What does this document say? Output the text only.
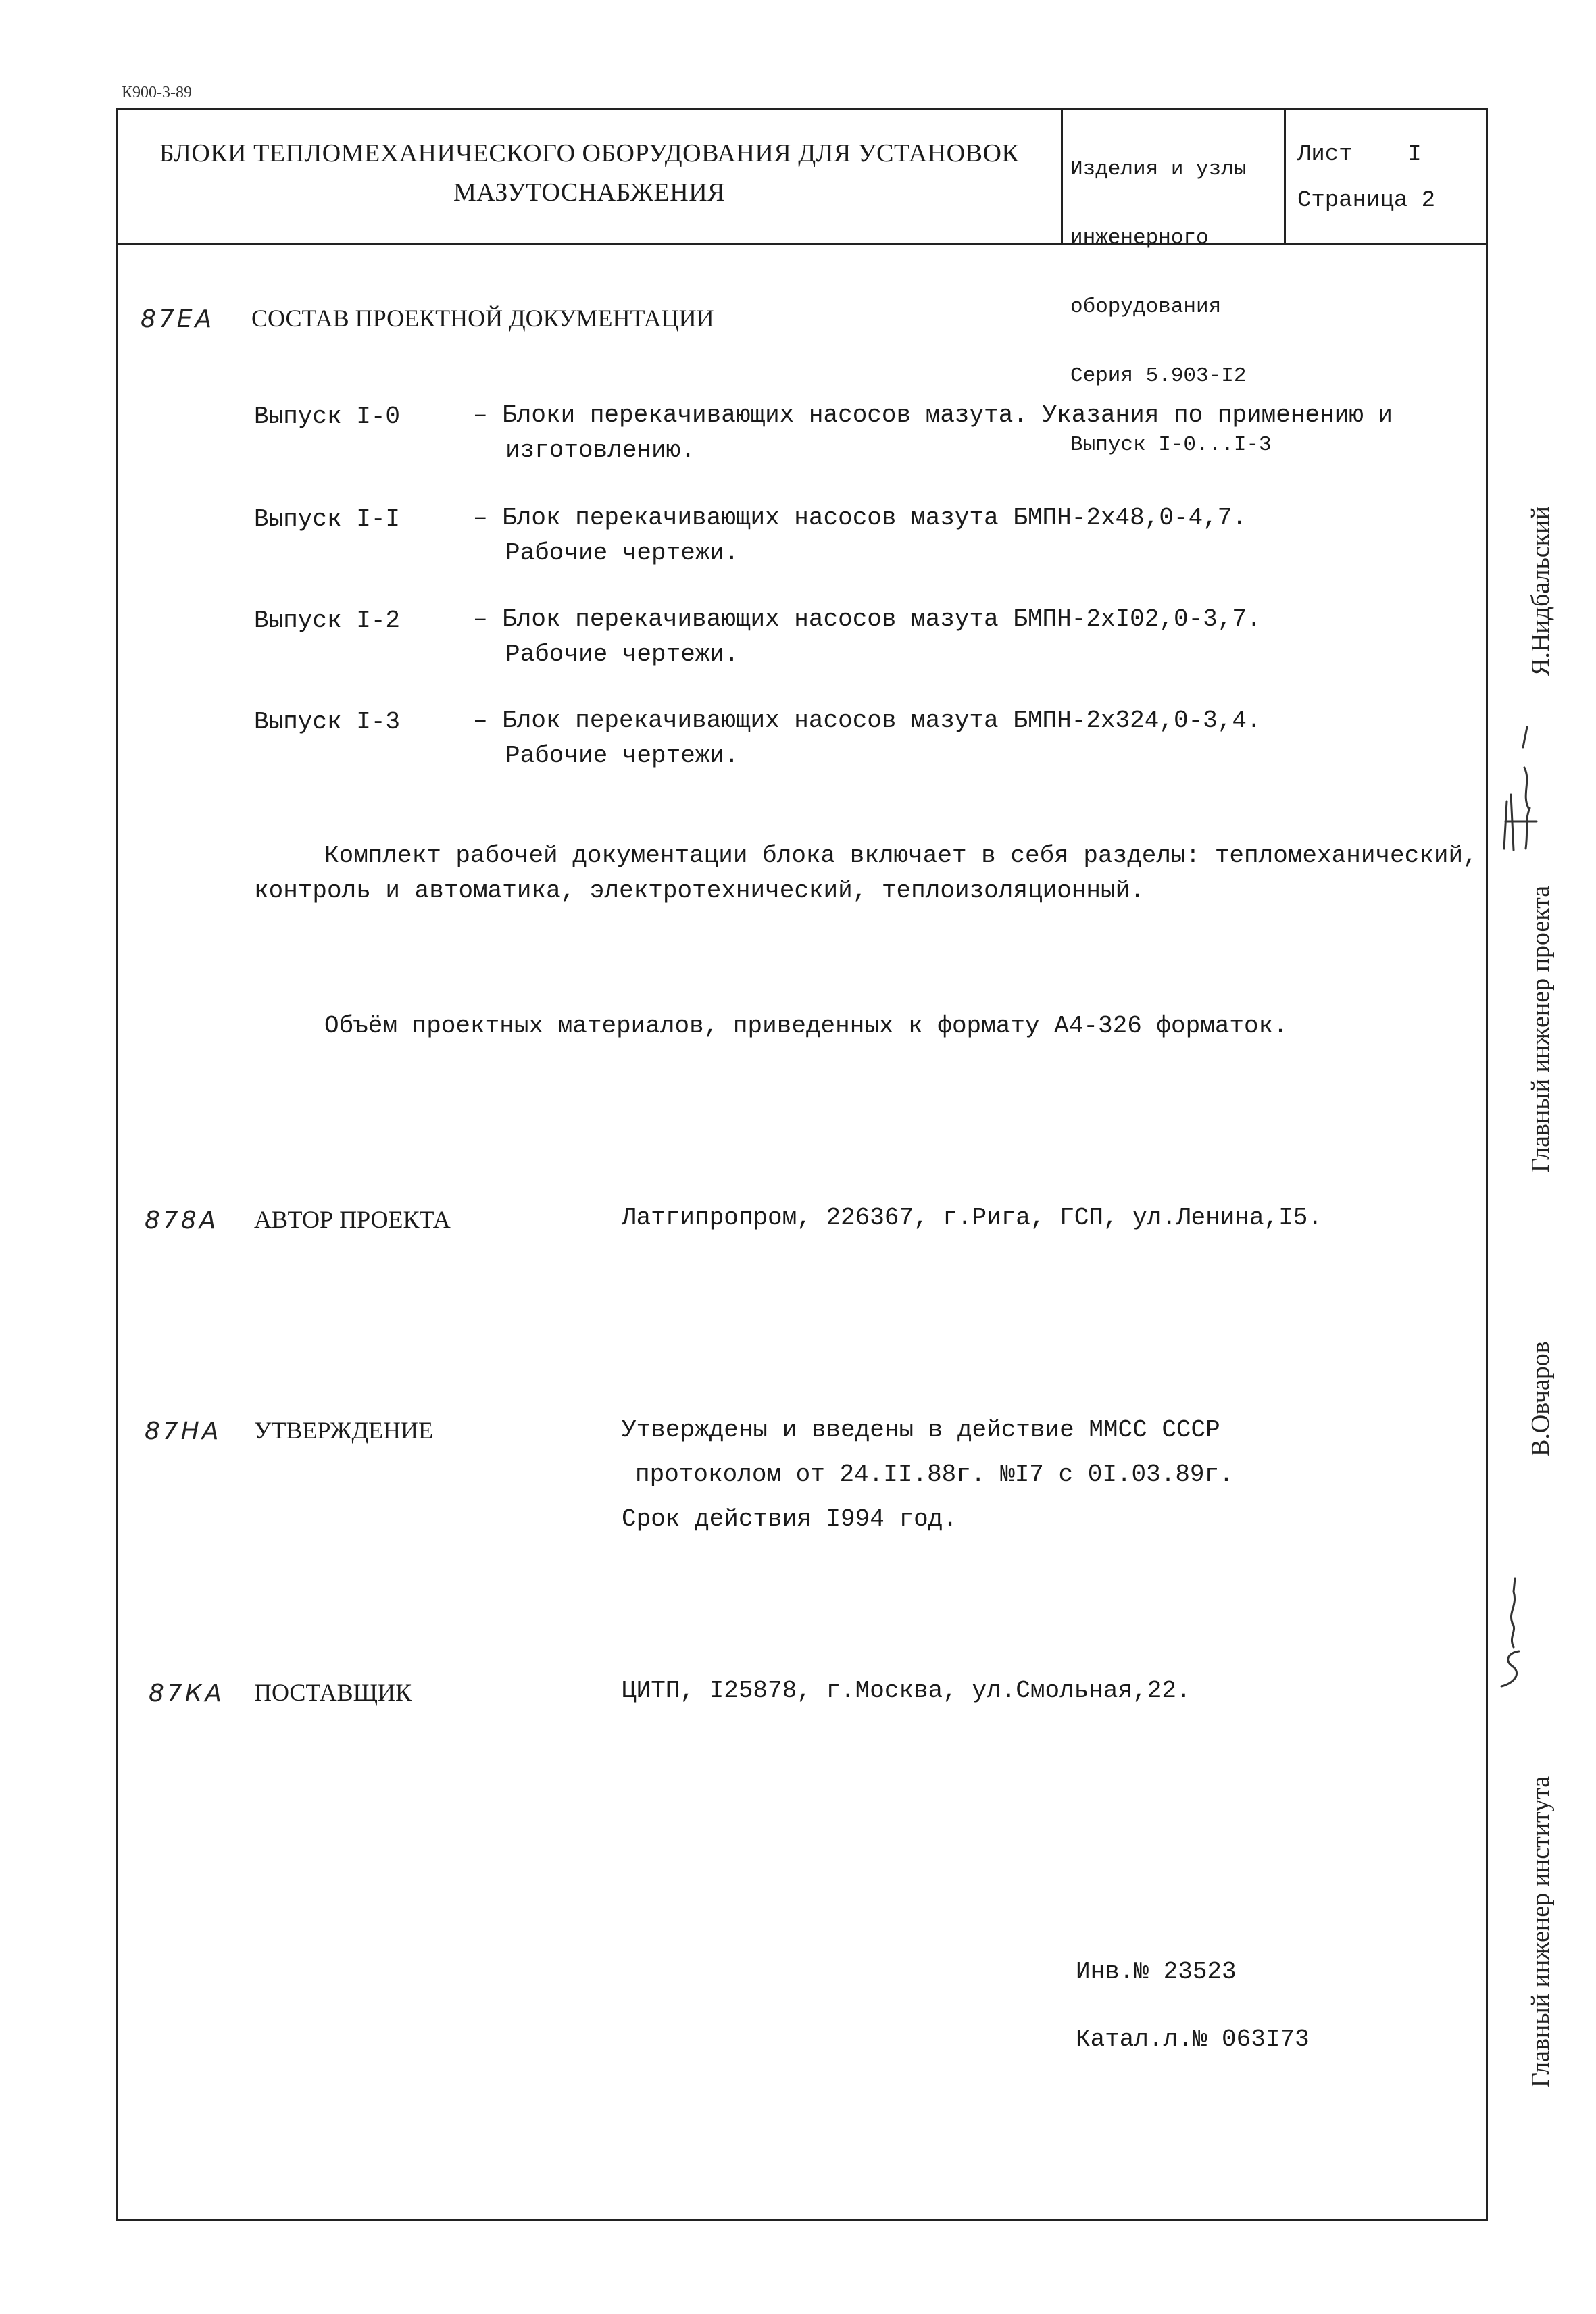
К900-3-89
БЛОКИ ТЕПЛОМЕХАНИЧЕСКОГО ОБОРУДОВАНИЯ ДЛЯ УСТАНОВОК
МАЗУТОСНАБЖЕНИЯ

Изделия и узлы

инженерного

оборудования

Серия 5.903-I2

Выпуск I-0...I-3

Лист    I
Страница 2
87EA СОСТАВ ПРОЕКТНОЙ ДОКУМЕНТАЦИИ
Выпуск I-0	– Блоки перекачивающих насосов мазута. Указания по применению и
изготовлению.
Выпуск I-I	– Блок перекачивающих насосов мазута БМПН-2х48,0-4,7.
Рабочие чертежи.
Выпуск I-2	– Блок перекачивающих насосов мазута БМПН-2хI02,0-3,7.
Рабочие чертежи.
Выпуск I-3	– Блок перекачивающих насосов мазута БМПН-2х324,0-3,4.
Рабочие чертежи.
Комплект рабочей документации блока включает в себя разделы: тепломеханический,
контроль и автоматика, электротехнический, теплоизоляционный.
Объём проектных материалов, приведенных к формату А4-326 форматок.
878А АВТОР ПРОЕКТА	Латгипропром, 226367, г.Рига, ГСП, ул.Ленина,I5.
87НА УТВЕРЖДЕНИЕ	Утверждены и введены в действие ММСС СССР
протоколом от 24.II.88г. №I7 с 0I.03.89г.
Срок действия I994 год.
87КА ПОСТАВЩИК	ЦИТП, I25878, г.Москва, ул.Смольная,22.
Инв.№ 23523
Катал.л.№ 063I73
Главный инженер проекта
Я.Нидбальский
Главный инженер института
В.Овчаров
